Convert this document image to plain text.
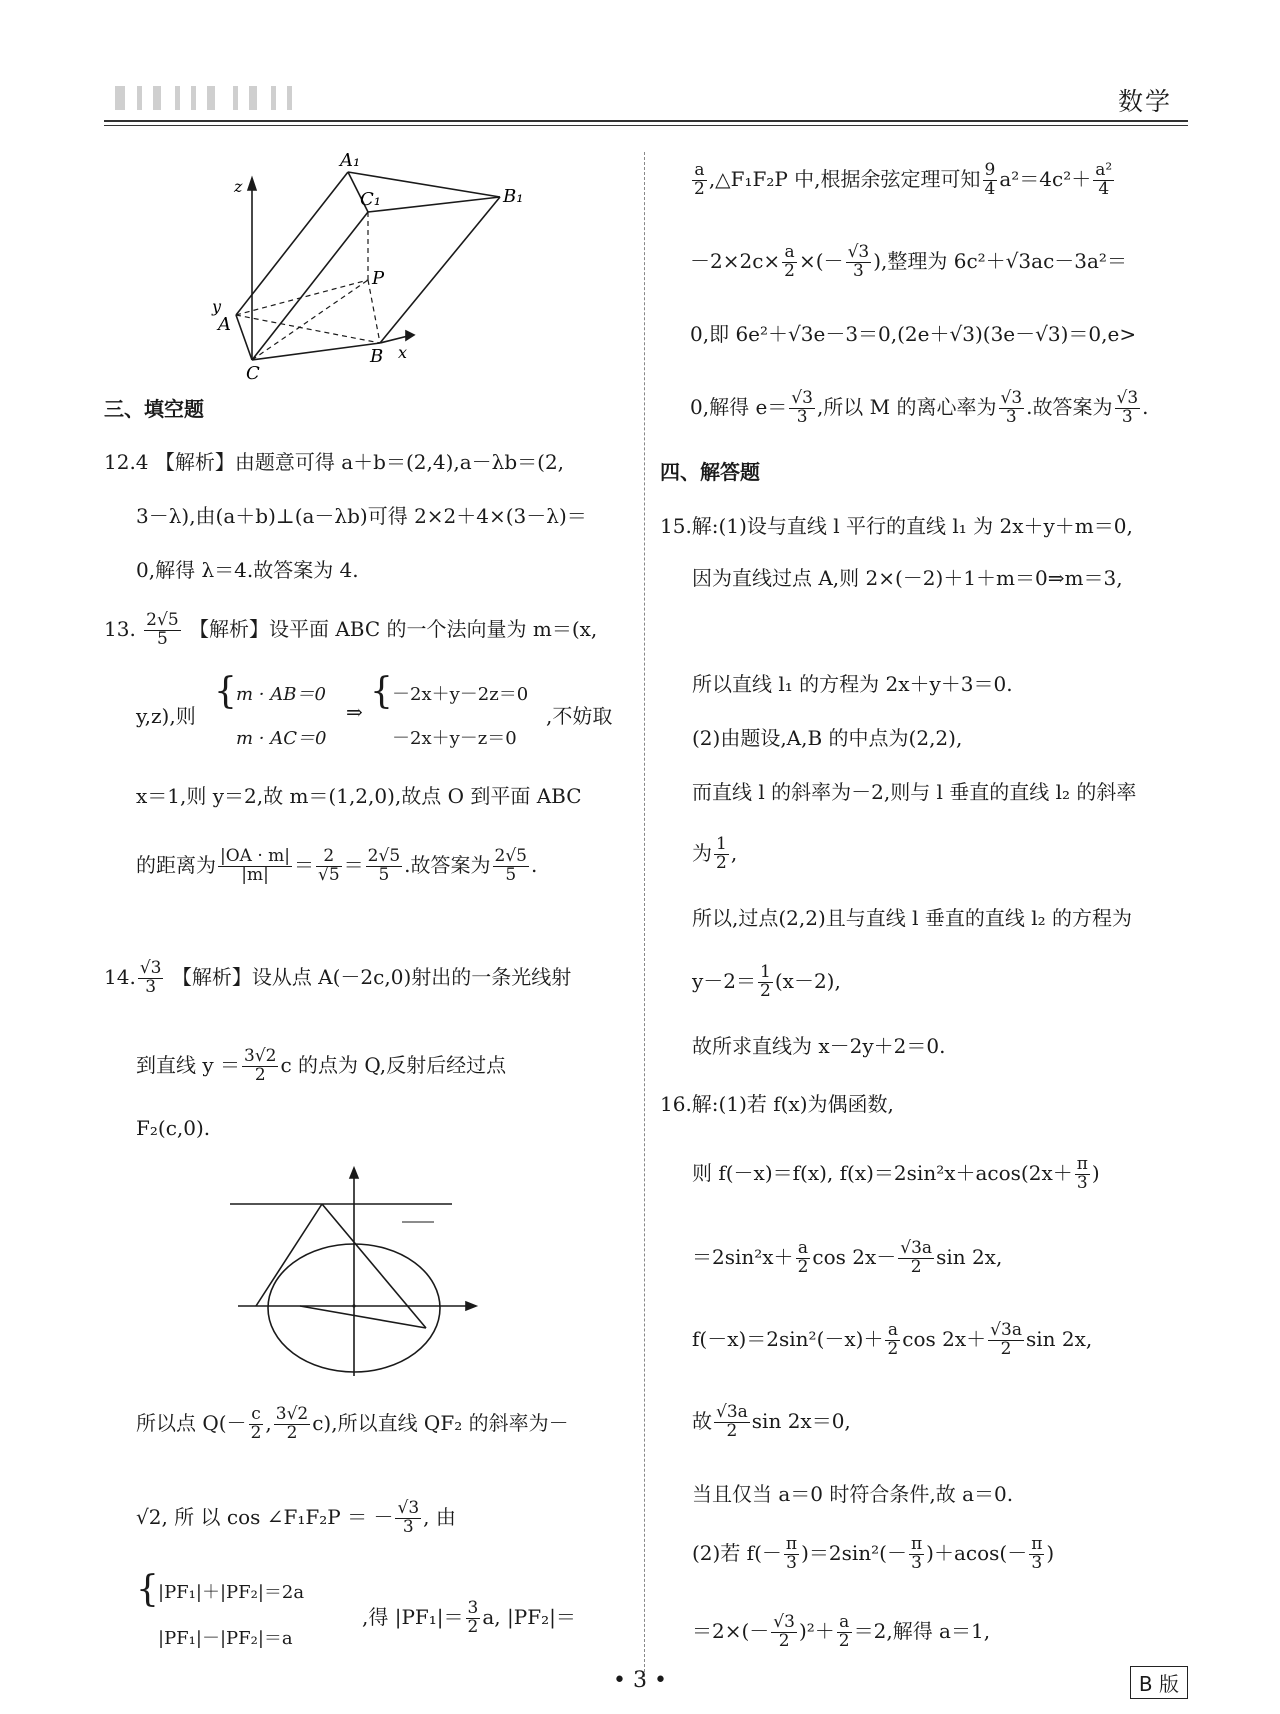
数学
A₁
C₁	B₁
z
P
y
A
B x
C
三、填空题
12.4 【解析】由题意可得 a＋b＝(2,4),a－λb＝(2,
3－λ),由(a＋b)⊥(a－λb)可得 2×2＋4×(3－λ)＝
0,解得 λ＝4.故答案为 4.
13. $\frac{2√5}{5}$ 【解析】设平面 ABC 的一个法向量为 m＝(x,
y,z),则
{ m · AB＝0
m · AC＝0
⇒ { －2x＋y－2z＝0
－2x＋y－z＝0
,不妨取
x＝1,则 y＝2,故 m＝(1,2,0),故点 O 到平面 ABC
的距离为 $\frac{|OA \cdot m|}{|m|} = \frac{2}{√5} = \frac{2√5}{5}$ .故答案为 $\frac{2√5}{5}$ .
14. $\frac{√3}{3}$ 【解析】设从点 A(－2c,0)射出的一条光线射
到直线 $y = \frac{3√2}{2}$ c 的点为 Q,反射后经过点
F₂(c,0).
所以点 $Q(- \frac{c}{2}$ , $\frac{3√2}{2} c$),所以直线 QF₂ 的斜率为－
√2, 所 以 cos ∠F₁F₂P ＝ － $\frac{√3}{3}$ , 由
{ |PF₁|＋|PF₂|＝2a
|PF₁|－|PF₂|＝a
,得 $|PF_1|= \frac{3}{2} a$, |PF₂|＝
$\frac{a}{2}$ ,△F₁F₂P 中,根据余弦定理可知 $\frac{9}{4} a^2=4c^2+ \frac{\text{a²}}{4}$
$-2\times 2c\times \frac{a}{2}$ ×(－ $\frac{√3}{3}$ ),整理为 6c²＋√3ac－3a²＝
0,即 6e²＋√3e－3＝0,(2e＋√3)(3e－√3)＝0,e>
0,解得 $e= \frac{√3}{3}$ ,所以 M 的离心率为 $\frac{√3}{3}$ .故答案为 $\frac{√3}{3}$ .
四、解答题
15.解:(1)设与直线 l 平行的直线 l₁ 为 2x＋y＋m＝0,
因为直线过点 A,则 2×(－2)＋1＋m＝0⇒m＝3,
所以直线 l₁ 的方程为 2x＋y＋3＝0.
(2)由题设,A,B 的中点为(2,2),
而直线 l 的斜率为－2,则与 l 垂直的直线 l₂ 的斜率
为 $\frac{1}{2}$ ,
所以,过点(2,2)且与直线 l 垂直的直线 l₂ 的方程为
$y-2= \frac{1}{2} (x-2)$,
故所求直线为 x－2y＋2＝0.
16.解:(1)若 f(x)为偶函数,
则 f(－x)＝f(x), $f(x)=2\sin^2x+acos(2x+ \frac{\pi}{3}$ )
$=2\sin^2x+ \frac{a}{2}$ $\cos 2x- \frac{√3a}{2}$ sin 2x,
$f(-x)=2\sin^2(-x)+ \frac{a}{2}$ $\cos 2x+ \frac{√3a}{2}$ sin 2x,
故 $\frac{√3a}{2}$ sin 2x＝0,
当且仅当 a＝0 时符合条件,故 a＝0.
(2)若 $f(- \frac{\pi}{3} )=2\sin^2(- \frac{\pi}{3} )+acos(- \frac{\pi}{3}$ )
$=2\times(- \frac{√3}{2} )^2+ \frac{a}{2} =2$,解得 a＝1,
• 3 •	B 版
